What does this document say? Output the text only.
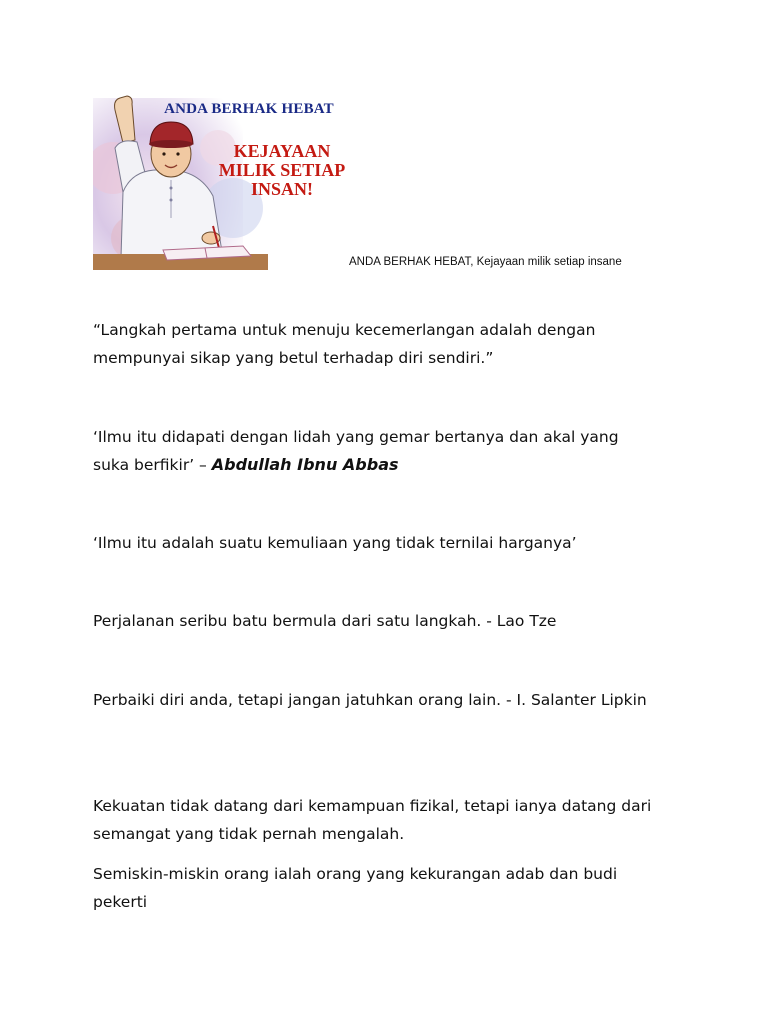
ANDA BERHAK HEBAT
KEJAYAAN
MILIK SETIAP
INSAN!
ANDA BERHAK HEBAT, Kejayaan milik setiap insane
“Langkah pertama untuk menuju kecemerlangan adalah dengan mempunyai sikap yang betul terhadap diri sendiri.”
‘Ilmu itu didapati dengan lidah yang gemar bertanya dan akal yang suka berfikir’ – Abdullah Ibnu Abbas
‘Ilmu itu adalah suatu kemuliaan yang tidak ternilai harganya’
Perjalanan seribu batu bermula dari satu langkah. - Lao Tze
Perbaiki diri anda, tetapi jangan jatuhkan orang lain. - I. Salanter Lipkin
Kekuatan tidak datang dari kemampuan fizikal, tetapi ianya datang dari semangat yang tidak pernah mengalah.
Semiskin-miskin orang ialah orang yang kekurangan adab dan budi pekerti
